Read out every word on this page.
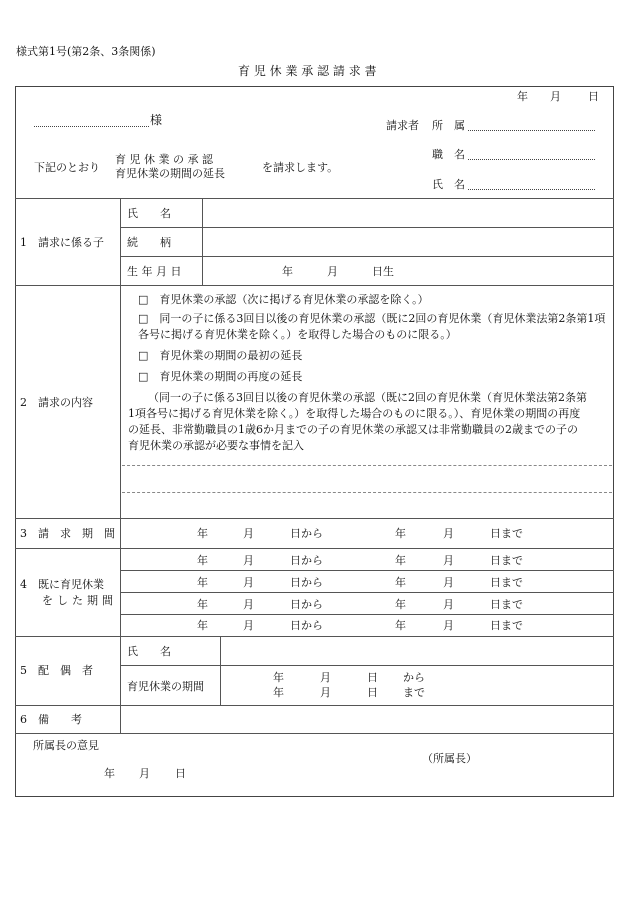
様式第1号(第2条、3条関係)
育 児 休 業 承 認 請 求 書
年 月 日
様	請求者 所　属
職　名
氏　名
下記のとおり
育 児 休 業 の 承 認
育児休業の期間の延長	を請求します。
1　請求に係る子
氏　　名
続　　柄
生 年 月 日	年	月	日生
2　請求の内容
□　育児休業の承認（次に掲げる育児休業の承認を除く。）
□　同一の子に係る3回目以後の育児休業の承認（既に2回の育児休業（育児休業法第2条第1項各号に掲げる育児休業を除く。）を取得した場合のものに限る。）
□　育児休業の期間の最初の延長
□　育児休業の期間の再度の延長
（同一の子に係る3回目以後の育児休業の承認（既に2回の育児休業（育児休業法第2条第1項各号に掲げる育児休業を除く。）を取得した場合のものに限る。）、育児休業の期間の再度の延長、非常勤職員の1歳6か月までの子の育児休業の承認又は非常勤職員の2歳までの子の育児休業の承認が必要な事情を記入
3　請　求　期　間	年	月	日から	年	月	日まで
4　既に育児休業
をした期間
年	月	日から	年	月	日まで
年	月	日から	年	月	日まで
年	月	日から	年	月	日まで
年	月	日から	年	月	日まで
5　配　偶　者
氏　　名
育児休業の期間
年	月	日 から
年	月	日 まで
6　備　　考
所属長の意見
（所属長）
年 月 日
